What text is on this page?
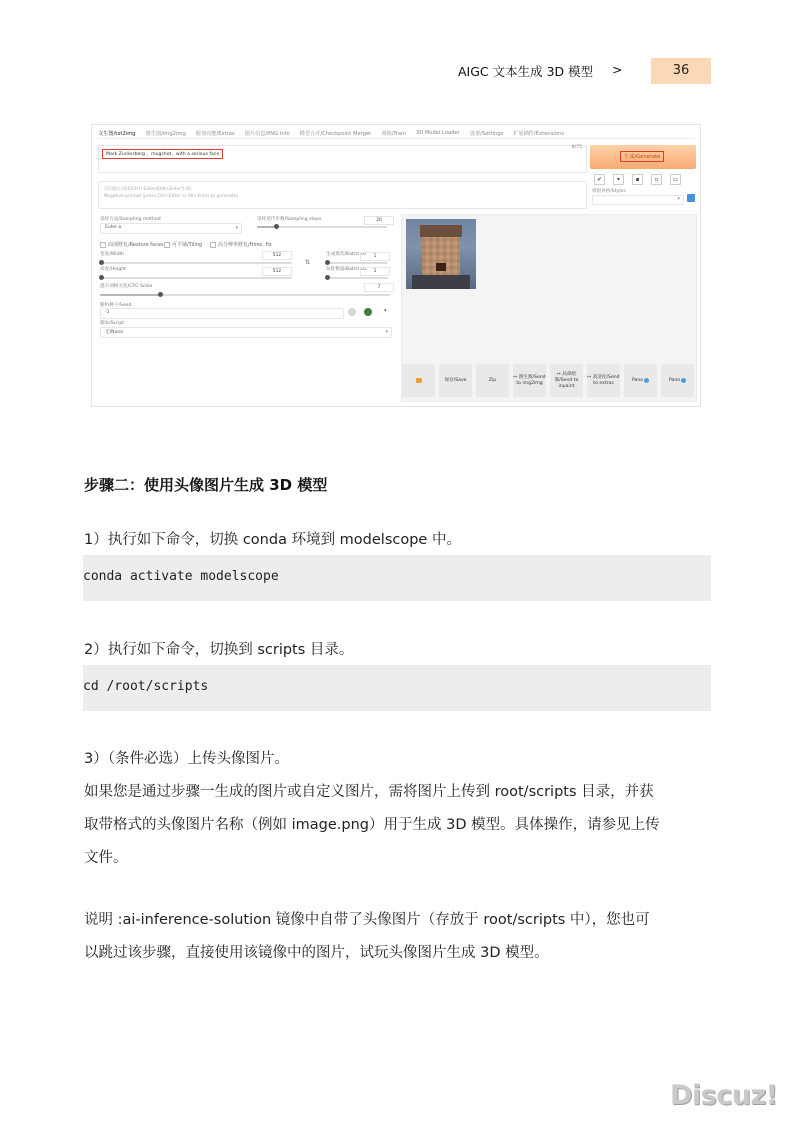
AIGC 文本生成 3D 模型 >	36
文生图/txt2img 图生图/img2img 附加功能/Extras 图片信息/PNG Info 模型合并/Checkpoint Merger 训练/Train 3D Model Loader 设置/Settings 扩展插件/Extensions
Mark Zuckerberg ，mugshot，with a serious face
8/75
反向提示词(按Ctrl+Enter或Alt+Enter生成)
Negative prompt (press Ctrl+Enter or Alt+Enter to generate)
生成/Generate
✔	▾	▪	▫	▭
模板风格/Styles
▾
采样方法/Sampling method
Euler a	▾
采样迭代步数/Sampling steps	20
面部修复/Restore faces 可平铺/Tiling	高分辨率修复/Hires. fix
宽度/Width	512
高度/Height	512
⇅
生成批次/Batch co	1
每批数量/Batch siz	1
提示词相关性/CFG Scale	7
随机种子/Seed
-1	▾
脚本/Script
无/None	▾
保存/Save	Zip
↦ 图生图/Send to img2img
↦ 局部绘制/Send to inpaint
↦ 高清化/Send to extras
Pano	Pano
步骤二：使用头像图片生成 3D 模型
1）执行如下命令，切换 conda 环境到 modelscope 中。
conda activate modelscope
2）执行如下命令，切换到 scripts 目录。
cd /root/scripts
3）（条件必选）上传头像图片。
如果您是通过步骤一生成的图片或自定义图片，需将图片上传到 root/scripts 目录，并获
取带格式的头像图片名称（例如 image.png）用于生成 3D 模型。具体操作，请参见上传
文件。
说明 :ai-inference-solution 镜像中自带了头像图片（存放于 root/scripts 中），您也可
以跳过该步骤，直接使用该镜像中的图片，试玩头像图片生成 3D 模型。
Discuz!
